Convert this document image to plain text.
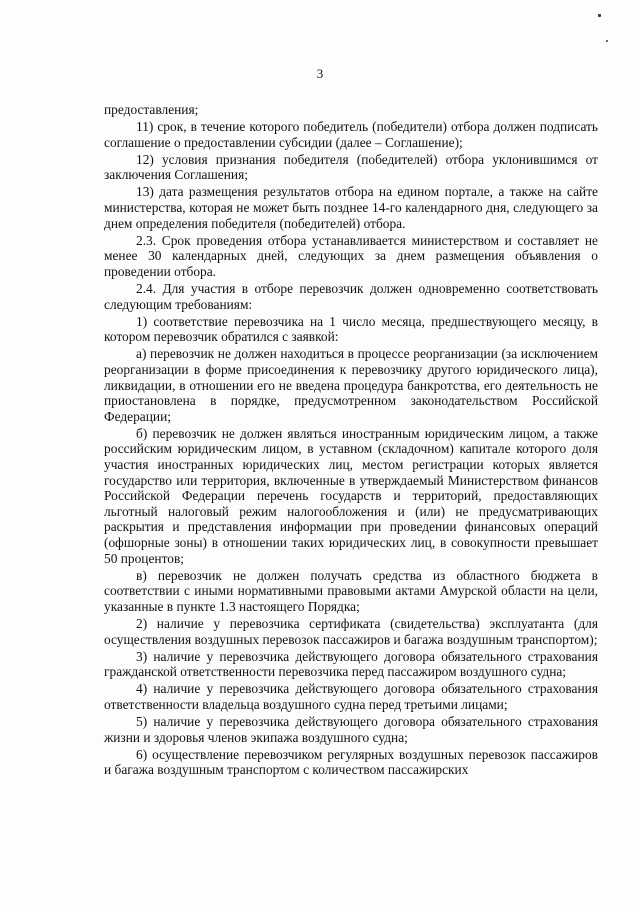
3

предоставления;

11) срок, в течение которого победитель (победители) отбора должен подписать соглашение о предоставлении субсидии (далее – Соглашение);

12) условия признания победителя (победителей) отбора уклонившимся от заключения Соглашения;

13) дата размещения результатов отбора на едином портале, а также на сайте министерства, которая не может быть позднее 14-го календарного дня, следующего за днем определения победителя (победителей) отбора.

2.3. Срок проведения отбора устанавливается министерством и составляет не менее 30 календарных дней, следующих за днем размещения объявления о проведении отбора.

2.4. Для участия в отборе перевозчик должен одновременно соответствовать следующим требованиям:

1) соответствие перевозчика на 1 число месяца, предшествующего месяцу, в котором перевозчик обратился с заявкой:

а) перевозчик не должен находиться в процессе реорганизации (за исключением реорганизации в форме присоединения к перевозчику другого юридического лица), ликвидации, в отношении его не введена процедура банкротства, его деятельность не приостановлена в порядке, предусмотренном законодательством Российской Федерации;

б) перевозчик не должен являться иностранным юридическим лицом, а также российским юридическим лицом, в уставном (складочном) капитале которого доля участия иностранных юридических лиц, местом регистрации которых является государство или территория, включенные в утверждаемый Министерством финансов Российской Федерации перечень государств и территорий, предоставляющих льготный налоговый режим налогообложения и (или) не предусматривающих раскрытия и представления информации при проведении финансовых операций (офшорные зоны) в отношении таких юридических лиц, в совокупности превышает 50 процентов;

в) перевозчик не должен получать средства из областного бюджета в соответствии с иными нормативными правовыми актами Амурской области на цели, указанные в пункте 1.3 настоящего Порядка;

2) наличие у перевозчика сертификата (свидетельства) эксплуатанта (для осуществления воздушных перевозок пассажиров и багажа воздушным транспортом);

3) наличие у перевозчика действующего договора обязательного страхования гражданской ответственности перевозчика перед пассажиром воздушного судна;

4) наличие у перевозчика действующего договора обязательного страхования ответственности владельца воздушного судна перед третьими лицами;

5) наличие у перевозчика действующего договора обязательного страхования жизни и здоровья членов экипажа воздушного судна;

6) осуществление перевозчиком регулярных воздушных перевозок пассажиров и багажа воздушным транспортом с количеством пассажирских
